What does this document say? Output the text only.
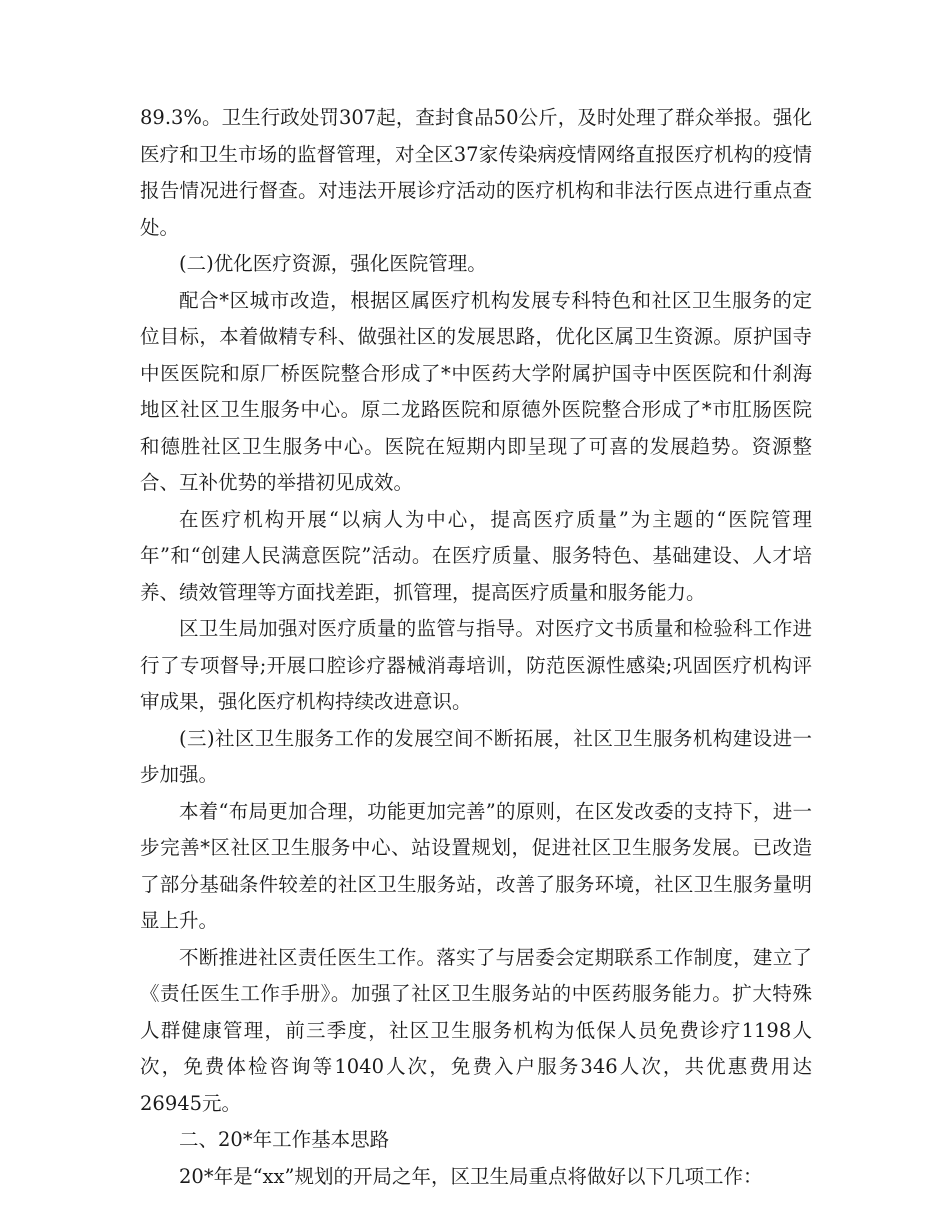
89.3%。卫生行政处罚307起，查封食品50公斤，及时处理了群众举报。强化医疗和卫生市场的监督管理，对全区37家传染病疫情网络直报医疗机构的疫情报告情况进行督查。对违法开展诊疗活动的医疗机构和非法行医点进行重点查处。

(二)优化医疗资源，强化医院管理。

配合*区城市改造，根据区属医疗机构发展专科特色和社区卫生服务的定位目标，本着做精专科、做强社区的发展思路，优化区属卫生资源。原护国寺中医医院和原厂桥医院整合形成了*中医药大学附属护国寺中医医院和什刹海地区社区卫生服务中心。原二龙路医院和原德外医院整合形成了*市肛肠医院和德胜社区卫生服务中心。医院在短期内即呈现了可喜的发展趋势。资源整合、互补优势的举措初见成效。

在医疗机构开展“以病人为中心，提高医疗质量”为主题的“医院管理年”和“创建人民满意医院”活动。在医疗质量、服务特色、基础建设、人才培养、绩效管理等方面找差距，抓管理，提高医疗质量和服务能力。

区卫生局加强对医疗质量的监管与指导。对医疗文书质量和检验科工作进行了专项督导;开展口腔诊疗器械消毒培训，防范医源性感染;巩固医疗机构评审成果，强化医疗机构持续改进意识。

(三)社区卫生服务工作的发展空间不断拓展，社区卫生服务机构建设进一步加强。

本着“布局更加合理，功能更加完善”的原则，在区发改委的支持下，进一步完善*区社区卫生服务中心、站设置规划，促进社区卫生服务发展。已改造了部分基础条件较差的社区卫生服务站，改善了服务环境，社区卫生服务量明显上升。

不断推进社区责任医生工作。落实了与居委会定期联系工作制度，建立了《责任医生工作手册》。加强了社区卫生服务站的中医药服务能力。扩大特殊人群健康管理，前三季度，社区卫生服务机构为低保人员免费诊疗1198人次，免费体检咨询等1040人次，免费入户服务346人次，共优惠费用达26945元。

二、20*年工作基本思路

20*年是“xx”规划的开局之年，区卫生局重点将做好以下几项工作：
